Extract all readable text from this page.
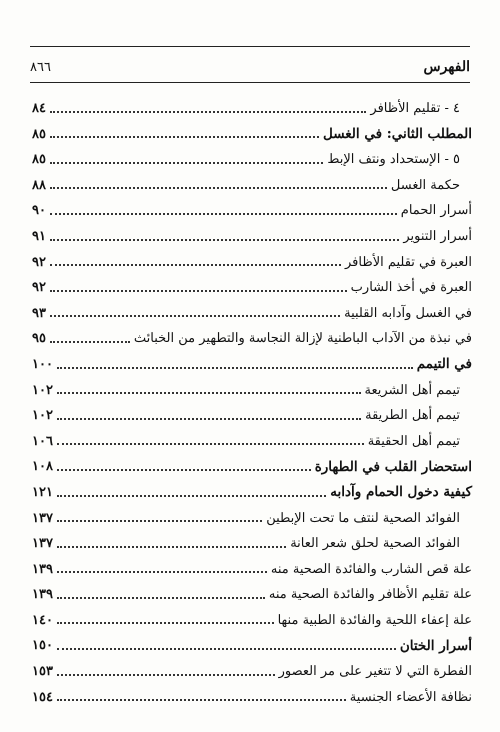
الفهرس
٨٦٦
٤ - تقليم الأظافر
٨٤
المطلب الثاني: في الغسل
٨٥
٥ - الإستحداد ونتف الإبط
٨٥
حكمة الغسل
٨٨
أسرار الحمام
٩٠
أسرار التنوير
٩١
العبرة في تقليم الأظافر
٩٢
العبرة في أخذ الشارب
٩٢
في الغسل وآدابه القلبية
٩٣
في نبذة من الآداب الباطنية لإزالة النجاسة والتطهير من الخبائث
٩٥
في التيمم
١٠٠
تيمم أهل الشريعة
١٠٢
تيمم أهل الطريقة
١٠٢
تيمم أهل الحقيقة
١٠٦
استحضار القلب في الطهارة
١٠٨
كيفية دخول الحمام وآدابه
١٢١
الفوائد الصحية لنتف ما تحت الإبطين
١٣٧
الفوائد الصحية لحلق شعر العانة
١٣٧
علة قص الشارب والفائدة الصحية منه
١٣٩
علة تقليم الأظافر والفائدة الصحية منه
١٣٩
علة إعفاء اللحية والفائدة الطبية منها
١٤٠
أسرار الختان
١٥٠
الفطرة التي لا تتغير على مر العصور
١٥٣
نظافة الأعضاء الجنسية
١٥٤
